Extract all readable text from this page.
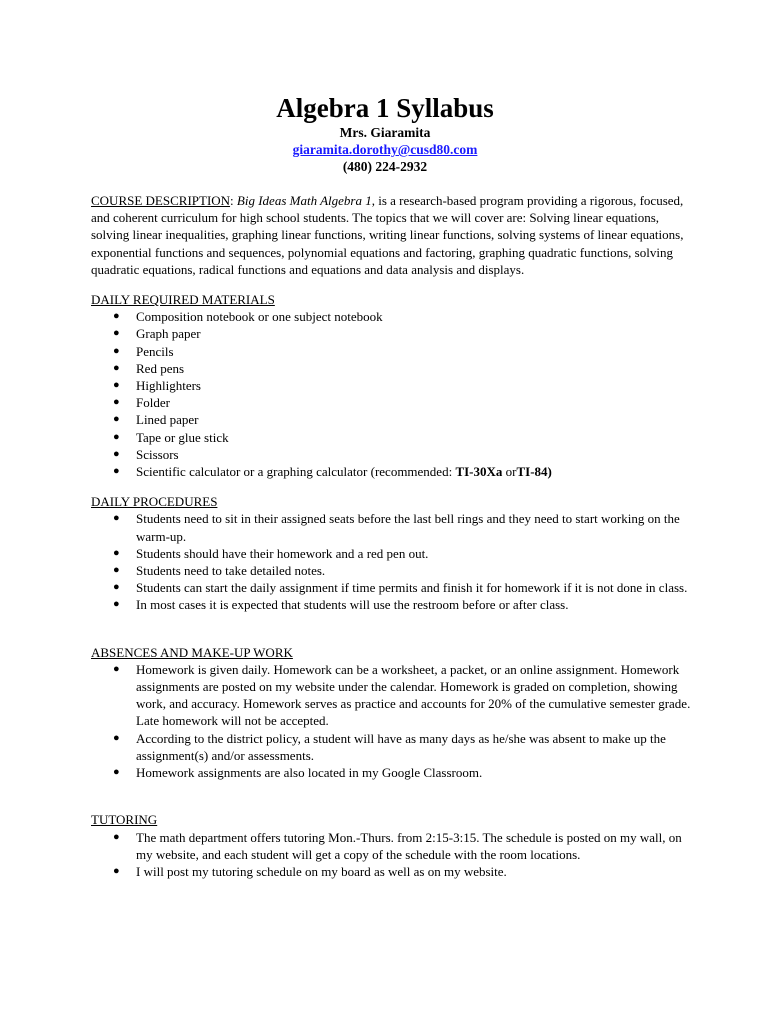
Algebra 1 Syllabus
Mrs. Giaramita
giaramita.dorothy@cusd80.com
(480) 224-2932
COURSE DESCRIPTION: Big Ideas Math Algebra 1, is a research-based program providing a rigorous, focused, and coherent curriculum for high school students. The topics that we will cover are: Solving linear equations, solving linear inequalities, graphing linear functions, writing linear functions, solving systems of linear equations, exponential functions and sequences, polynomial equations and factoring, graphing quadratic functions, solving quadratic equations, radical functions and equations and data analysis and displays.
DAILY REQUIRED MATERIALS
● Composition notebook or one subject notebook
● Graph paper
● Pencils
● Red pens
● Highlighters
● Folder
● Lined paper
● Tape or glue stick
● Scissors
● Scientific calculator or a graphing calculator (recommended: TI-30Xa orTI-84)
DAILY PROCEDURES
● Students need to sit in their assigned seats before the last bell rings and they need to start working on the warm-up.
● Students should have their homework and a red pen out.
● Students need to take detailed notes.
● Students can start the daily assignment if time permits and finish it for homework if it is not done in class.
● In most cases it is expected that students will use the restroom before or after class.
ABSENCES AND MAKE-UP WORK
● Homework is given daily. Homework can be a worksheet, a packet, or an online assignment. Homework assignments are posted on my website under the calendar. Homework is graded on completion, showing work, and accuracy. Homework serves as practice and accounts for 20% of the cumulative semester grade. Late homework will not be accepted.
● According to the district policy, a student will have as many days as he/she was absent to make up the assignment(s) and/or assessments.
● Homework assignments are also located in my Google Classroom.
TUTORING
● The math department offers tutoring Mon.-Thurs. from 2:15-3:15. The schedule is posted on my wall, on my website, and each student will get a copy of the schedule with the room locations.
● I will post my tutoring schedule on my board as well as on my website.
